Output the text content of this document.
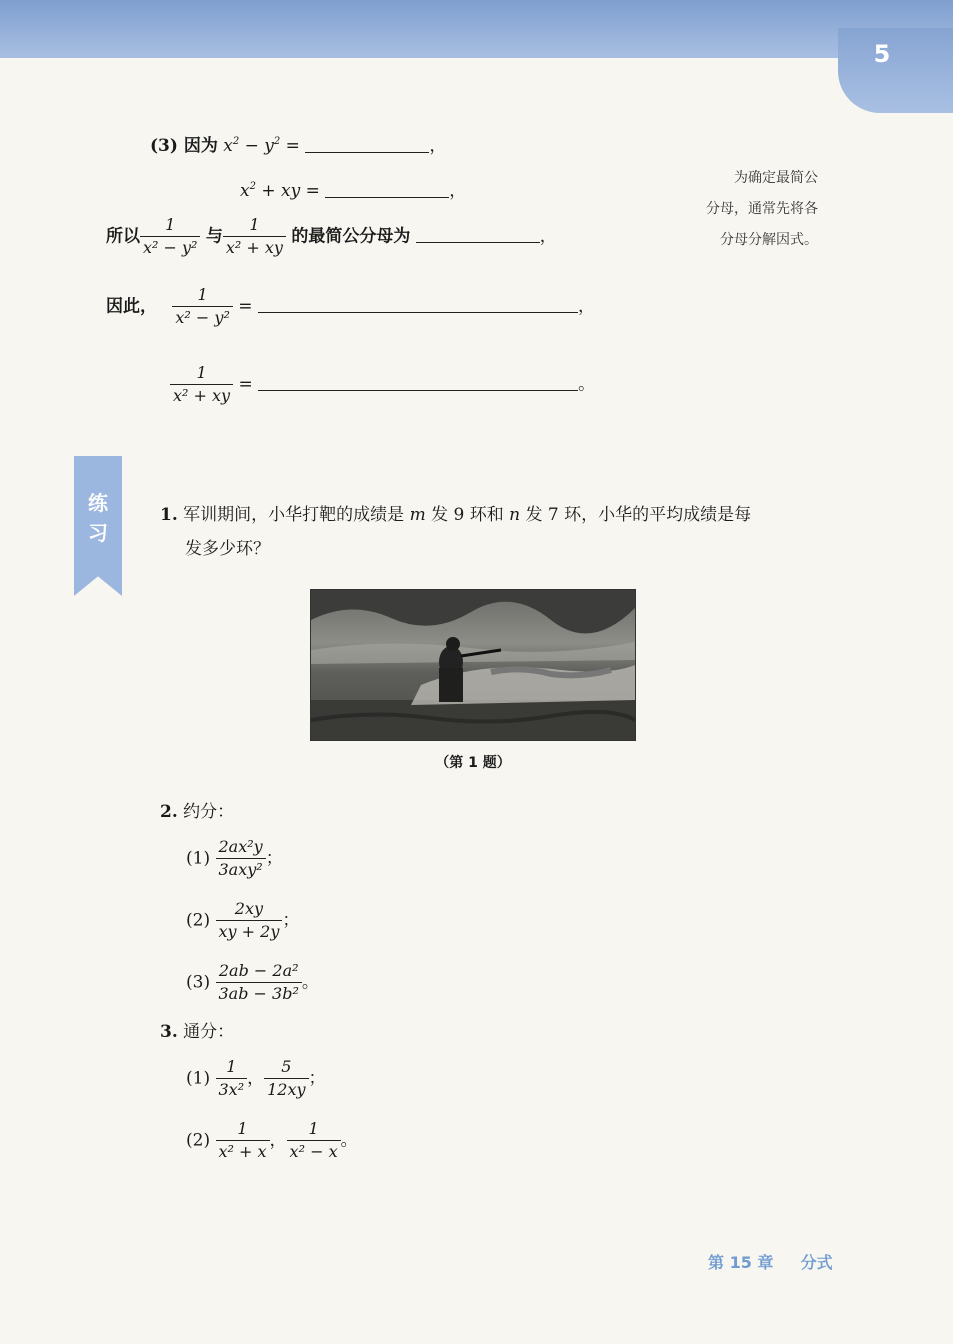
5
(3) 因为 $x^2 - y^2$ =	，
$x^2$ + xy =	，
所以 $\frac{1}{\text{x² − y²}}$ 与 $\frac{1}{\text{x² + xy}}$ 的最简公分母为	，
因此， $\frac{1}{\text{x² − y²}}$ =	，
$\frac{1}{\text{x² + xy}}$ =	。
为确定最简公
分母，通常先将各
分母分解因式。
练
习
1. 军训期间，小华打靶的成绩是 m 发 9 环和 n 发 7 环，小华的平均成绩是每
发多少环？
（第 1 题）
2. 约分：
$(1) \frac{\text{2ax²y}}{\text{3axy²}}$ ；
$(2) \frac{2xy}{xy + 2y}$ ；
$(3) \frac{\text{2ab − 2a²}}{\text{3ab − 3b²}}$ 。
3. 通分：
$(1) \frac{1}{\text{3x²}}$ ， $\frac{5}{12xy}$ ；
$(2) \frac{1}{\text{x² + x}}$ ， $\frac{1}{\text{x² − x}}$ 。
第 15 章 分式
